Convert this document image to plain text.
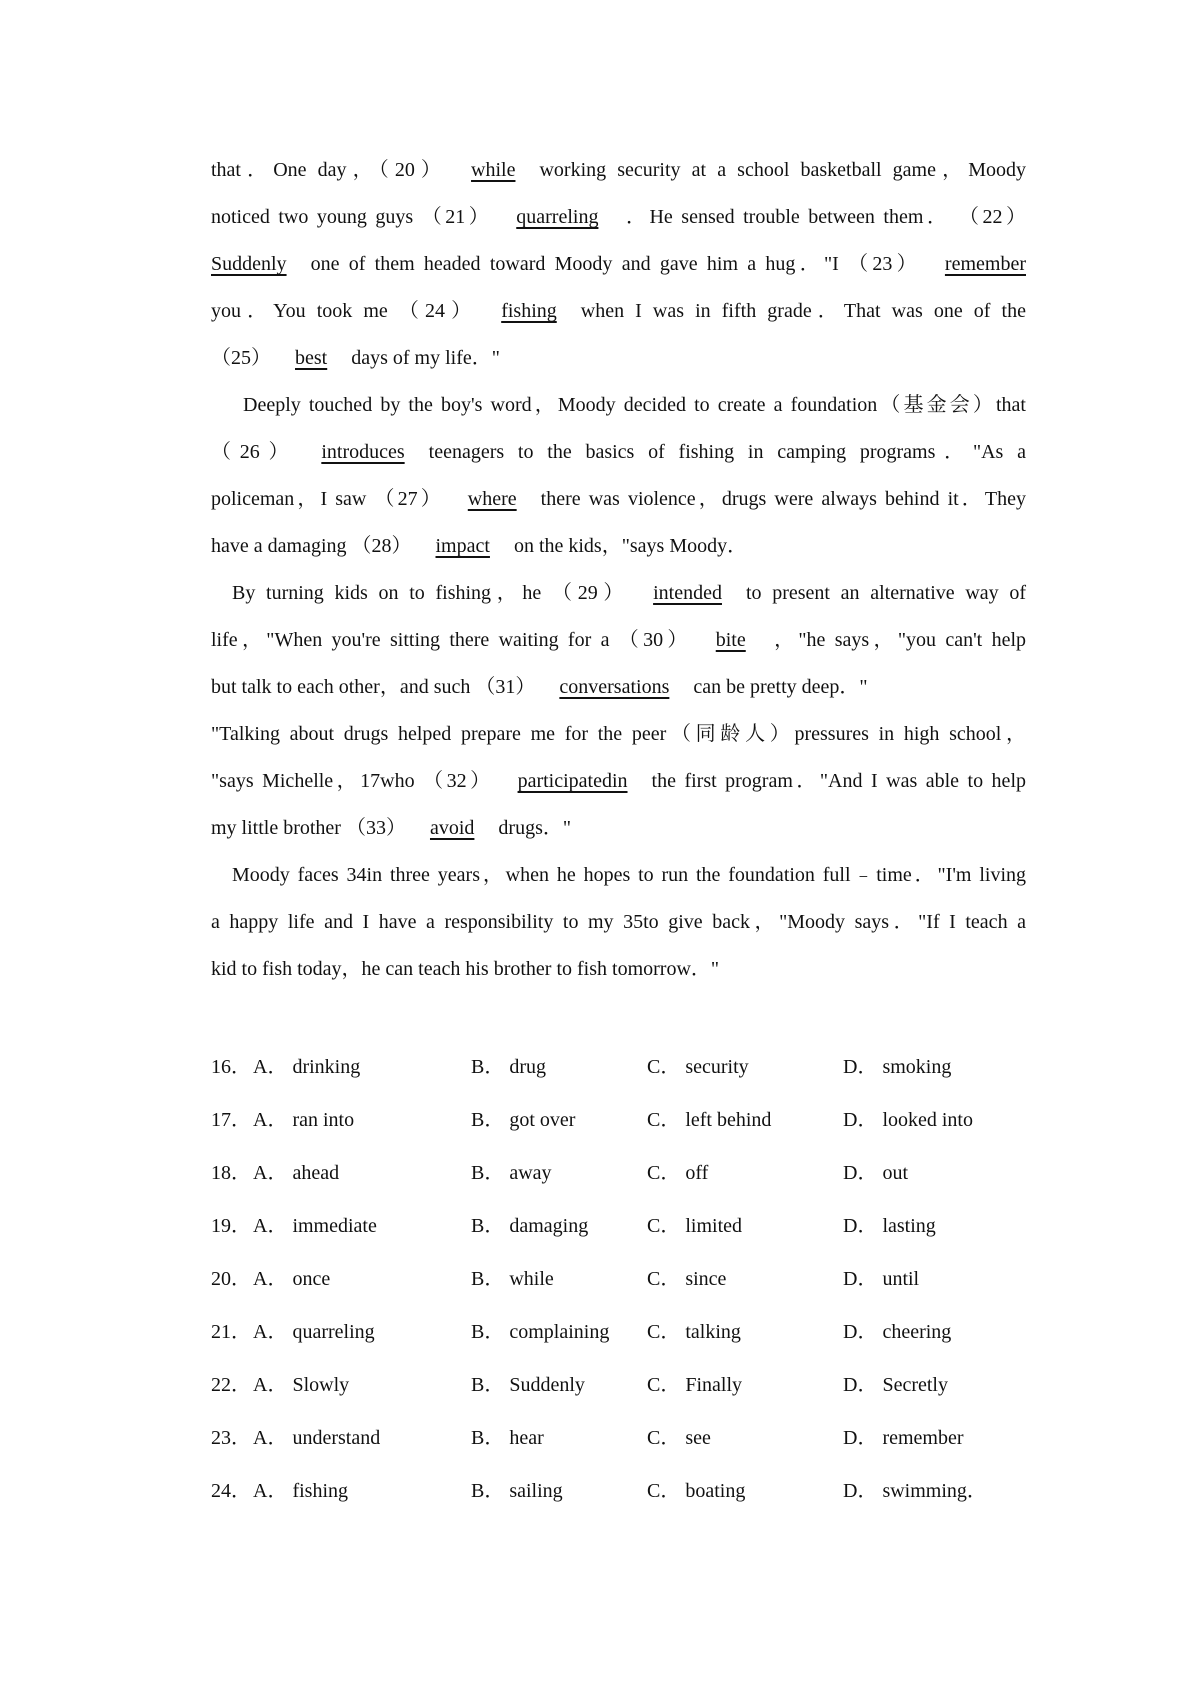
that．One day，（20） while working security at a school basketball game，Moody
noticed two young guys （21） quarreling ．He sensed trouble between them． （22）
Suddenly one of them headed toward Moody and gave him a hug．"I （23） remember
you．You took me （24） fishing when I was in fifth grade．That was one of the
（25） best days of my life．"
Deeply touched by the boy's word，Moody decided to create a foundation（基金会）that
（26） introduces teenagers to the basics of fishing in camping programs．"As a
policeman，I saw （27） where there was violence，drugs were always behind it．They
have a damaging （28） impact on the kids，"says Moody．
By turning kids on to fishing，he （29） intended to present an alternative way of
life，"When you're sitting there waiting for a （30） bite ，"he says，"you can't help
but talk to each other，and such （31） conversations can be pretty deep．"
"Talking about drugs helped prepare me for the peer（同龄人）pressures in high school，
"says Michelle，17who （32） participatedin the first program．"And I was able to help
my little brother （33） avoid drugs．"
Moody faces 34in three years，when he hopes to run the foundation full﹣time．"I'm living
a happy life and I have a responsibility to my 35to give back，"Moody says．"If I teach a
kid to fish today，he can teach his brother to fish tomorrow．"
16． A． drinking	B． drug	C． security	D． smoking
17． A． ran into	B． got over	C． left behind	D． looked into
18． A． ahead	B． away	C． off	D． out
19． A． immediate	B． damaging	C． limited	D． lasting
20． A． once	B． while	C． since	D． until
21． A． quarreling	B． complaining C． talking	D． cheering
22． A． Slowly	B． Suddenly	C． Finally	D． Secretly
23． A． understand	B． hear	C． see	D． remember
24． A． fishing	B． sailing	C． boating	D． swimming．
